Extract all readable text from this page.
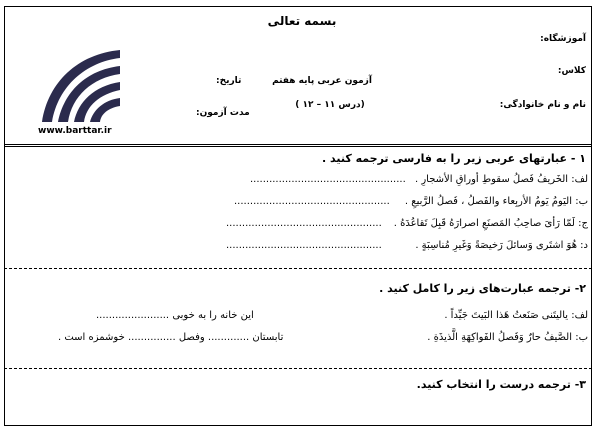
www.barttar.ir
بسمه تعالی
آموزشگاه:
کلاس:
آزمون عربی پایه هفتم
تاریخ:
نام و نام خانوادگی:
(درس ۱۱ – ۱۲ )
مدت آزمون:
۱ - عبارتهای عربی زیر را به فارسی ترجمه کنید .
لف: الخَریفُ فَصلُ سقوطِ أوراقِ الأشجارِ .
.................................................
ب: الیَومُ یَومُ الأربِعاء والفَصلُ ، فَصلُ الرَّبیعِ .
.................................................
ج: لَمّا رَأیَ صاحِبُ المَصنَعِ اصرارَهُ قَبِلَ تَقاعُدَهُ .
.................................................
د: هُوَ اشتَری وَسائلَ رَخیصَةً وَغَیرِ مُناسِبَةٍ .
.................................................
۲- ترجمه عبارت‌های زیر را کامل کنید .
لف: یالیتَنی صَنَعتُ هَذا البَیتَ جَیِّداً .
این خانه را به خوبی .......................
ب: الصَّیفُ حارٌ وَفَصلُ الفَواکِهَةِ الَّذیذَةِ .
تابستان ............. وفصل ............... خوشمزه است .
۳- ترجمه درست را انتخاب کنید.
